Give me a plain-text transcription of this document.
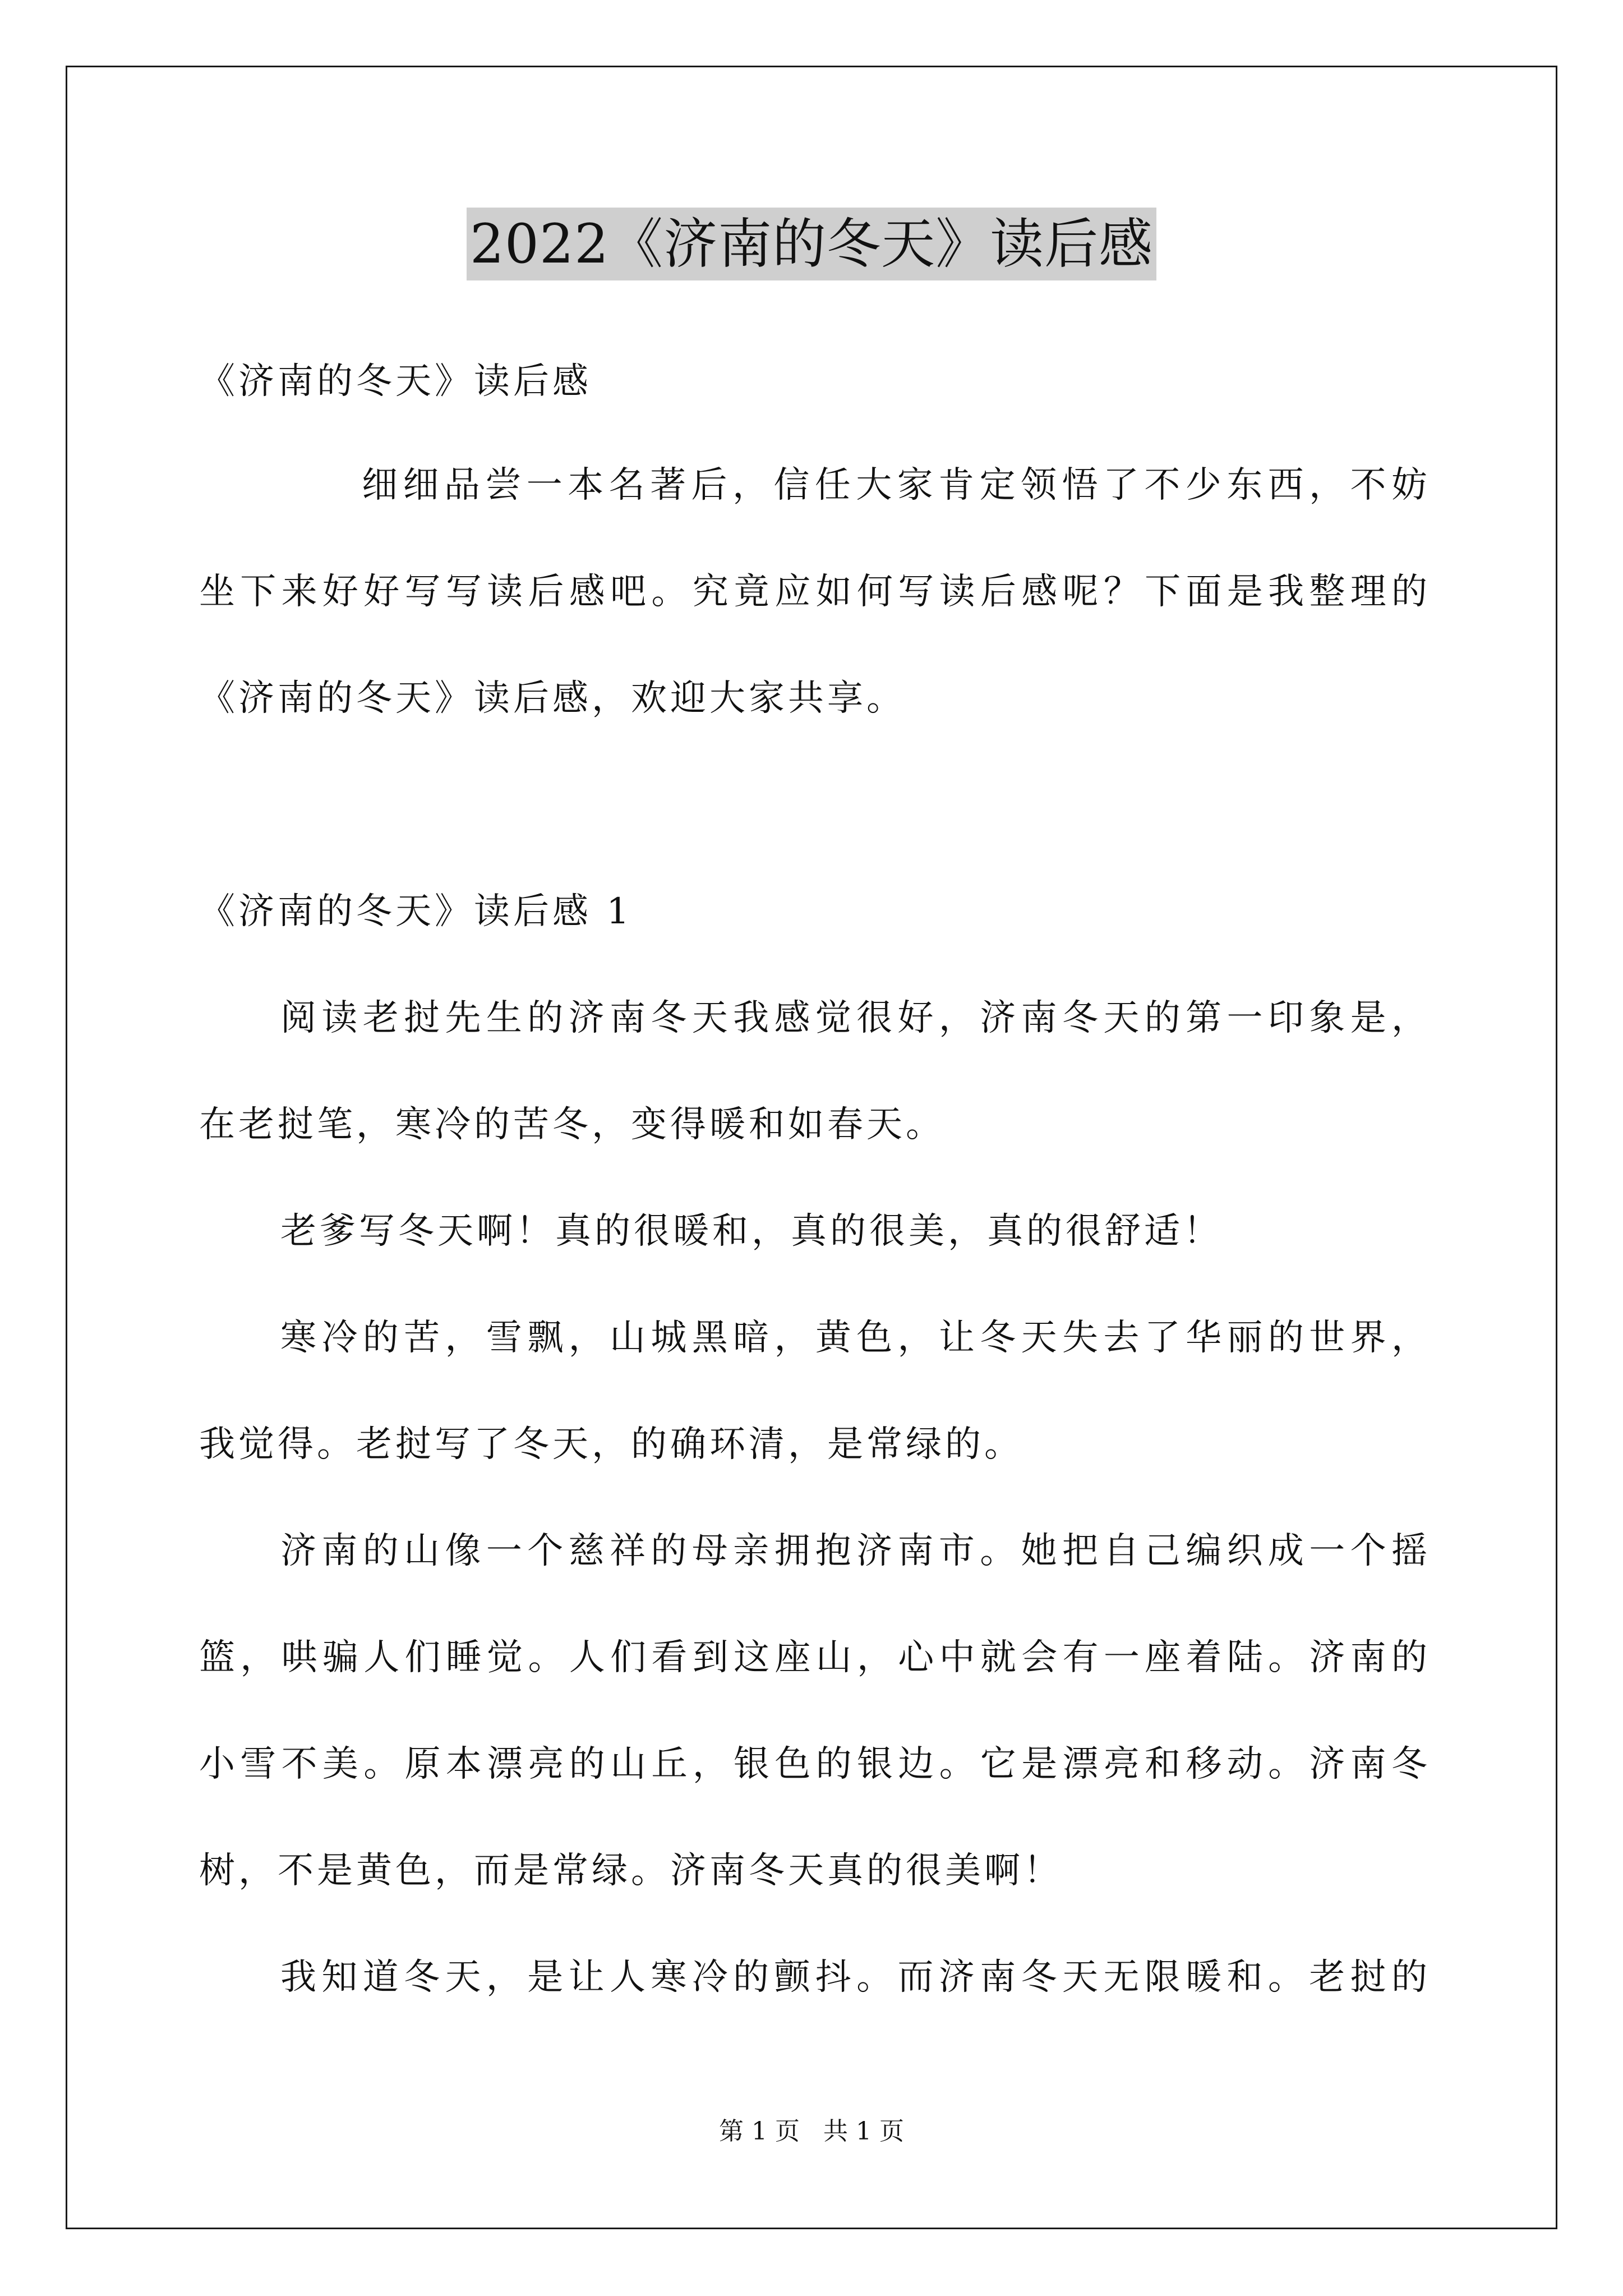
2022《济南的冬天》读后感
《济南的冬天》读后感
细细品尝一本名著后，信任大家肯定领悟了不少东西，不妨
坐下来好好写写读后感吧。究竟应如何写读后感呢？下面是我整理的
《济南的冬天》读后感，欢迎大家共享。
《济南的冬天》读后感 1
阅读老挝先生的济南冬天我感觉很好，济南冬天的第一印象是，
在老挝笔，寒冷的苦冬，变得暖和如春天。
老爹写冬天啊！真的很暖和，真的很美，真的很舒适！
寒冷的苦，雪飘，山城黑暗，黄色，让冬天失去了华丽的世界，
我觉得。老挝写了冬天，的确环清，是常绿的。
济南的山像一个慈祥的母亲拥抱济南市。她把自己编织成一个摇
篮，哄骗人们睡觉。人们看到这座山，心中就会有一座着陆。济南的
小雪不美。原本漂亮的山丘，银色的银边。它是漂亮和移动。济南冬
树，不是黄色，而是常绿。济南冬天真的很美啊！
我知道冬天，是让人寒冷的颤抖。而济南冬天无限暖和。老挝的
第 1 页 共 1 页
